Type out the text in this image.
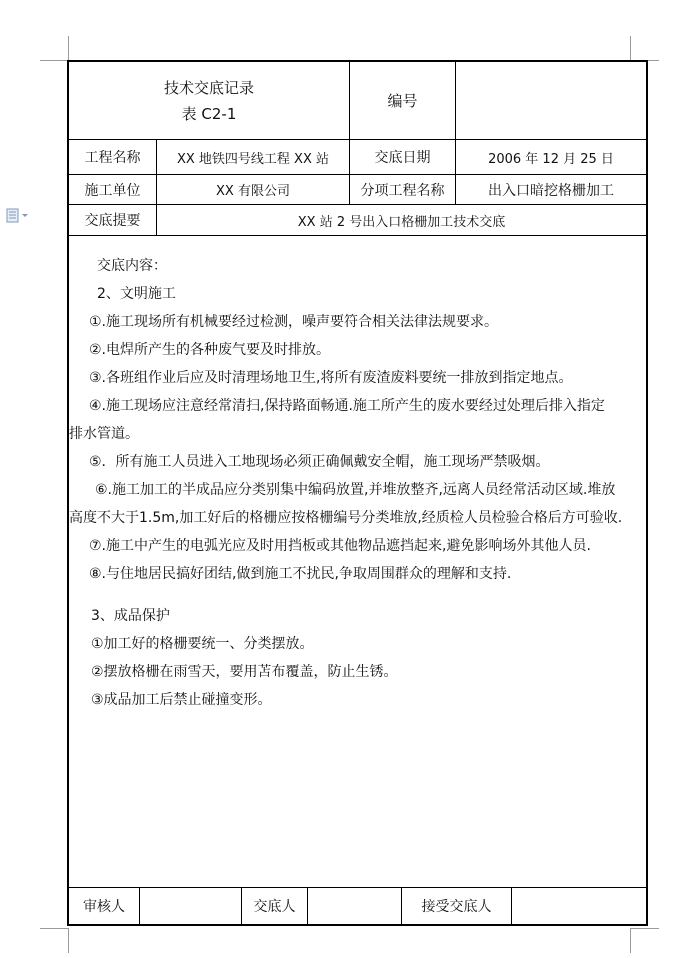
技术交底记录
表 C2-1
编号
工程名称	XX 地铁四号线工程 XX 站	交底日期	2006 年 12 月 25 日
施工单位	XX 有限公司	分项工程名称	出入口暗挖格栅加工
交底提要	XX 站 2 号出入口格栅加工技术交底

交底内容：

2、文明施工

①.施工现场所有机械要经过检测，噪声要符合相关法律法规要求。

②.电焊所产生的各种废气要及时排放。

③.各班组作业后应及时清理场地卫生,将所有废渣废料要统一排放到指定地点。

④.施工现场应注意经常清扫,保持路面畅通.施工所产生的废水要经过处理后排入指定

排水管道。

⑤．所有施工人员进入工地现场必须正确佩戴安全帽，施工现场严禁吸烟。

⑥.施工加工的半成品应分类别集中编码放置,并堆放整齐,远离人员经常活动区域.堆放

高度不大于1.5m,加工好后的格栅应按格栅编号分类堆放,经质检人员检验合格后方可验收.

⑦.施工中产生的电弧光应及时用挡板或其他物品遮挡起来,避免影响场外其他人员.

⑧.与住地居民搞好团结,做到施工不扰民,争取周围群众的理解和支持.

3、成品保护

①加工好的格栅要统一、分类摆放。

②摆放格栅在雨雪天，要用苫布覆盖，防止生锈。

③成品加工后禁止碰撞变形。

审核人	交底人	接受交底人
